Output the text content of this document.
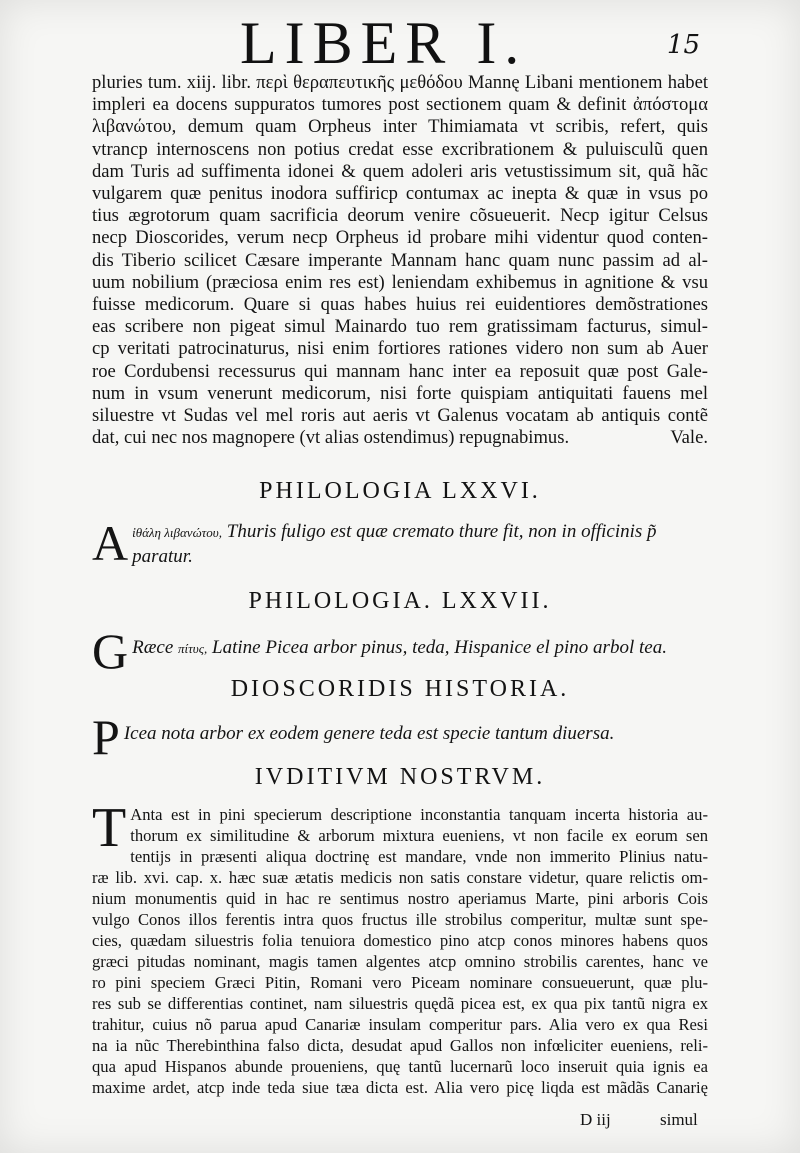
LIBER I.	15
pluries tum. xiij. libr. περὶ θεραπευτικῆς μεθόδου Mannę Libani mentionem habet
impleri ea docens suppuratos tumores post sectionem quam & definit ἀπόστομα
λιβανώτου, demum quam Orpheus inter Thimiamata vt scribis, refert, quis
vtrancp internoscens non potius credat esse excribrationem & puluisculũ quen
dam Turis ad suffimenta idonei & quem adoleri aris vetustissimum sit, quã hãc
vulgarem quæ penitus inodora suffiricp contumax ac inepta & quæ in vsus po
tius ægrotorum quam sacrificia deorum venire cõsueuerit. Necp igitur Celsus
necp Dioscorides, verum necp Orpheus id probare mihi videntur quod conten-
dis Tiberio scilicet Cæsare imperante Mannam hanc quam nunc passim ad al-
uum nobilium (præciosa enim res est) leniendam exhibemus in agnitione & vsu
fuisse medicorum. Quare si quas habes huius rei euidentiores demõstrationes
eas scribere non pigeat simul Mainardo tuo rem gratissimam facturus, simul-
cp veritati patrocinaturus, nisi enim fortiores rationes videro non sum ab Auer
roe Cordubensi recessurus qui mannam hanc inter ea reposuit quæ post Gale-
num in vsum venerunt medicorum, nisi forte quispiam antiquitati fauens mel
siluestre vt Sudas vel mel roris aut aeris vt Galenus vocatam ab antiquis contẽ
dat, cui nec nos magnopere (vt alias ostendimus) repugnabimus.	Vale.
PHILOLOGIA LXXVI.
A ἰθάλη λιβανώτου, Thuris fuligo est quæ cremato thure fit, non in officinis p̃
paratur.
PHILOLOGIA. LXXVII.
G Ræce πίτυς, Latine Picea arbor pinus, teda, Hispanice el pino arbol tea.
DIOSCORIDIS HISTORIA.
P Icea nota arbor ex eodem genere teda est specie tantum diuersa.
IVDITIVM NOSTRVM.
T Anta est in pini specierum descriptione inconstantia tanquam incerta historia au-
thorum ex similitudine & arborum mixtura eueniens, vt non facile ex eorum sen
tentijs in præsenti aliqua doctrinę est mandare, vnde non immerito Plinius natu-
ræ lib. xvi. cap. x. hæc suæ ætatis medicis non satis constare videtur, quare relictis om-
nium monumentis quid in hac re sentimus nostro aperiamus Marte, pini arboris Cois
vulgo Conos illos ferentis intra quos fructus ille strobilus comperitur, multæ sunt spe-
cies, quædam siluestris folia tenuiora domestico pino atcp conos minores habens quos
græci pitudas nominant, magis tamen algentes atcp omnino strobilis carentes, hanc ve
ro pini speciem Græci Pitin, Romani vero Piceam nominare consueuerunt, quæ plu-
res sub se differentias continet, nam siluestris quędã picea est, ex qua pix tantũ nigra ex
trahitur, cuius nõ parua apud Canariæ insulam comperitur pars. Alia vero ex qua Resi
na ia nũc Therebinthina falso dicta, desudat apud Gallos non infœliciter eueniens, reli-
qua apud Hispanos abunde proueniens, quę tantũ lucernarũ loco inseruit quia ignis ea
maxime ardet, atcp inde teda siue tæa dicta est. Alia vero picę liqda est mãdãs Canarię
D iij	simul
